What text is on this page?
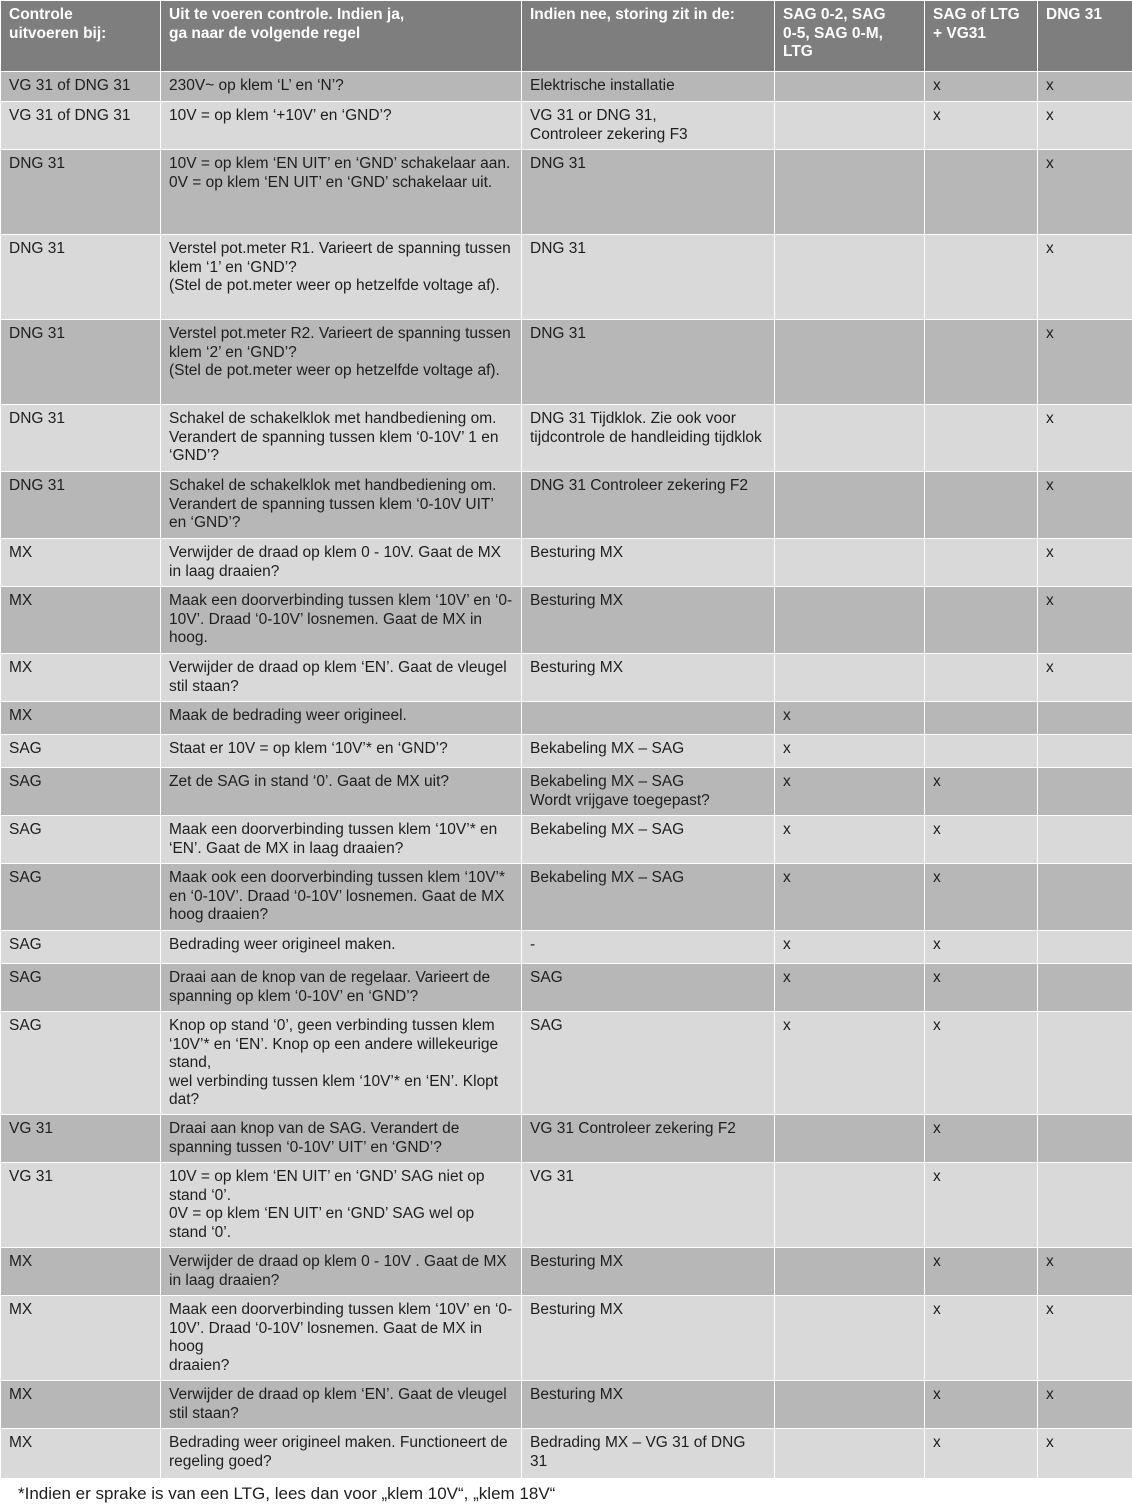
Controle
uitvoeren bij:	Uit te voeren controle. Indien ja,
ga naar de volgende regel	Indien nee, storing zit in de:	SAG 0-2, SAG
0-5, SAG 0-M,
LTG	SAG of LTG
+ VG31	DNG 31
VG 31 of DNG 31	230V~ op klem ‘L’ en ‘N’?	Elektrische installatie		x	x
VG 31 of DNG 31	10V = op klem ‘+10V’ en ‘GND’?	VG 31 or DNG 31,
Controleer zekering F3		x	x
DNG 31	10V = op klem ‘EN UIT’ en ‘GND’ schakelaar aan.
0V = op klem ‘EN UIT’ en ‘GND’ schakelaar uit.	DNG 31			x
DNG 31	Verstel pot.meter R1. Varieert de spanning tussen klem ‘1’ en ‘GND’?
(Stel de pot.meter weer op hetzelfde voltage af).	DNG 31			x
DNG 31	Verstel pot.meter R2. Varieert de spanning tussen klem ‘2’ en ‘GND’?
(Stel de pot.meter weer op hetzelfde voltage af).	DNG 31			x
DNG 31	Schakel de schakelklok met handbediening om. Verandert de spanning tussen klem ‘0-10V’ 1 en ‘GND’?	DNG 31 Tijdklok. Zie ook voor tijdcontrole de handleiding tijdklok			x
DNG 31	Schakel de schakelklok met handbediening om. Verandert de spanning tussen klem ‘0-10V UIT’ en ‘GND’?	DNG 31 Controleer zekering F2			x
MX	Verwijder de draad op klem 0 - 10V. Gaat de MX in laag draaien?	Besturing MX			x
MX	Maak een doorverbinding tussen klem ‘10V’ en ‘0-10V’. Draad ‘0-10V’ losnemen. Gaat de MX in hoog.	Besturing MX			x
MX	Verwijder de draad op klem ‘EN’. Gaat de vleugel stil staan?	Besturing MX			x
MX	Maak de bedrading weer origineel.		x		
SAG	Staat er 10V = op klem ‘10V’* en ‘GND’?	Bekabeling MX – SAG	x		
SAG	Zet de SAG in stand ‘0’. Gaat de MX uit?	Bekabeling MX – SAG
Wordt vrijgave toegepast?	x	x	
SAG	Maak een doorverbinding tussen klem ‘10V’* en ‘EN’. Gaat de MX in laag draaien?	Bekabeling MX – SAG	x	x	
SAG	Maak ook een doorverbinding tussen klem ‘10V’* en ‘0-10V’. Draad ‘0-10V’ losnemen. Gaat de MX hoog draaien?	Bekabeling MX – SAG	x	x	
SAG	Bedrading weer origineel maken.	-	x	x	
SAG	Draai aan de knop van de regelaar. Varieert de spanning op klem ‘0-10V’ en ‘GND’?	SAG	x	x	
SAG	Knop op stand ‘0’, geen verbinding tussen klem ‘10V’* en ‘EN’. Knop op een andere willekeurige stand,
wel verbinding tussen klem ‘10V’* en ‘EN’. Klopt dat?	SAG	x	x	
VG 31	Draai aan knop van de SAG. Verandert de spanning tussen ‘0-10V’ UIT’ en ‘GND’?	VG 31 Controleer zekering F2		x	
VG 31	10V = op klem ‘EN UIT’ en ‘GND’ SAG niet op stand ‘0’.
0V = op klem ‘EN UIT’ en ‘GND’ SAG wel op stand ‘0’.	VG 31		x	
MX	Verwijder de draad op klem 0 - 10V . Gaat de MX in laag draaien?	Besturing MX		x	x
MX	Maak een doorverbinding tussen klem ‘10V’ en ‘0-10V’. Draad ‘0-10V’ losnemen. Gaat de MX in hoog
draaien?	Besturing MX		x	x
MX	Verwijder de draad op klem ‘EN’. Gaat de vleugel stil staan?	Besturing MX		x	x
MX	Bedrading weer origineel maken. Functioneert de regeling goed?	Bedrading MX – VG 31 of DNG 31		x	x
*Indien er sprake is van een LTG, lees dan voor „klem 10V“, „klem 18V“
